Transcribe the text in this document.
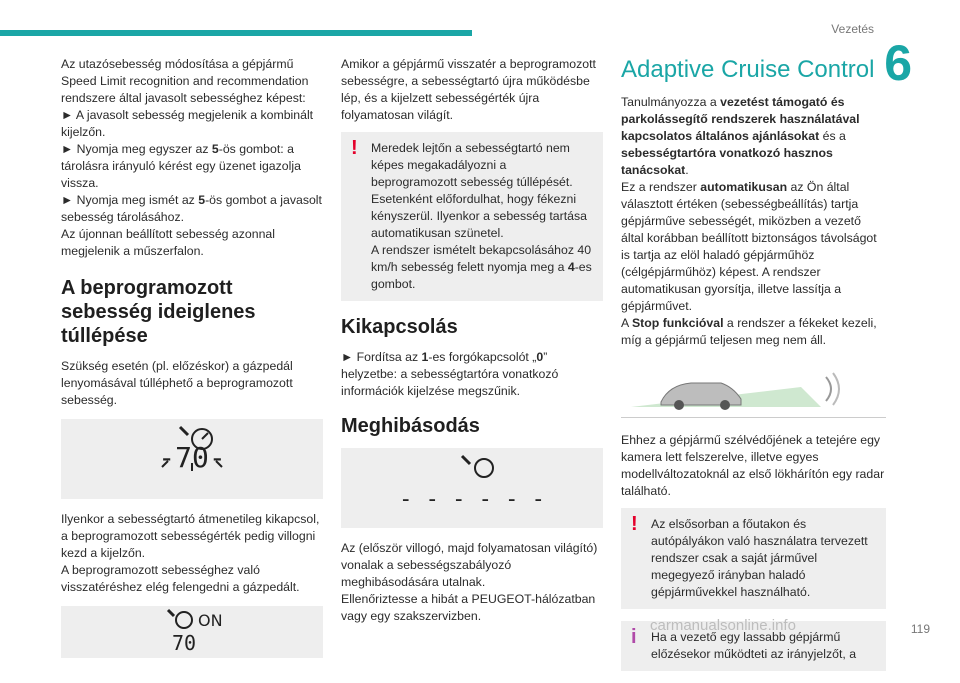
Vezetés
6

Az utazósebesség módosítása a gépjármű Speed Limit recognition and recommendation rendszere által javasolt sebességhez képest:

► A javasolt sebesség megjelenik a kombinált kijelzőn.

► Nyomja meg egyszer az 5-ös gombot: a tárolásra irányuló kérést egy üzenet igazolja vissza.

► Nyomja meg ismét az 5-ös gombot a javasolt sebesség tárolásához.

Az újonnan beállított sebesség azonnal megjelenik a műszerfalon.

A beprogramozott sebesség ideiglenes túllépése

Szükség esetén (pl. előzéskor) a gázpedál lenyomásával túlléphető a beprogramozott sebesség.

-70-

Ilyenkor a sebességtartó átmenetileg kikapcsol, a beprogramozott sebességérték pedig villogni kezd a kijelzőn.

A beprogramozott sebességhez való visszatéréshez elég felengedni a gázpedált.

ON
70

Amikor a gépjármű visszatér a beprogramozott sebességre, a sebességtartó újra működésbe lép, és a kijelzett sebességérték újra folyamatosan világít.

! Meredek lejtőn a sebességtartó nem képes megakadályozni a beprogramozott sebesség túllépését.

Esetenként előfordulhat, hogy fékezni kényszerül. Ilyenkor a sebesség tartása automatikusan szünetel.

A rendszer ismételt bekapcsolásához 40 km/h sebesség felett nyomja meg a 4-es gombot.

Kikapcsolás

► Fordítsa az 1-es forgókapcsolót „0” helyzetbe: a sebességtartóra vonatkozó információk kijelzése megszűnik.

Meghibásodás
- - - - - -

Az (először villogó, majd folyamatosan világító) vonalak a sebességszabályozó meghibásodására utalnak.

Ellenőriztesse a hibát a PEUGEOT-hálózatban vagy egy szakszervizben.

Adaptive Cruise Control

Tanulmányozza a vezetést támogató és parkolássegítő rendszerek használatával kapcsolatos általános ajánlásokat és a sebességtartóra vonatkozó hasznos tanácsokat.

Ez a rendszer automatikusan az Ön által választott értéken (sebességbeállítás) tartja gépjárműve sebességét, miközben a vezető által korábban beállított biztonságos távolságot is tartja az elöl haladó gépjárműhöz (célgépjárműhöz) képest. A rendszer automatikusan gyorsítja, illetve lassítja a gépjárművet.

A Stop funkcióval a rendszer a fékeket kezeli, míg a gépjármű teljesen meg nem áll.

Ehhez a gépjármű szélvédőjének a tetejére egy kamera lett felszerelve, illetve egyes modellváltozatoknál az első lökhárítón egy radar található.

! Az elsősorban a főutakon és autópályákon való használatra tervezett rendszer csak a saját járművel megegyező irányban haladó gépjárművekkel használható.

i Ha a vezető egy lassabb gépjármű előzésekor működteti az irányjelzőt, a

carmanualsonline.info	119
